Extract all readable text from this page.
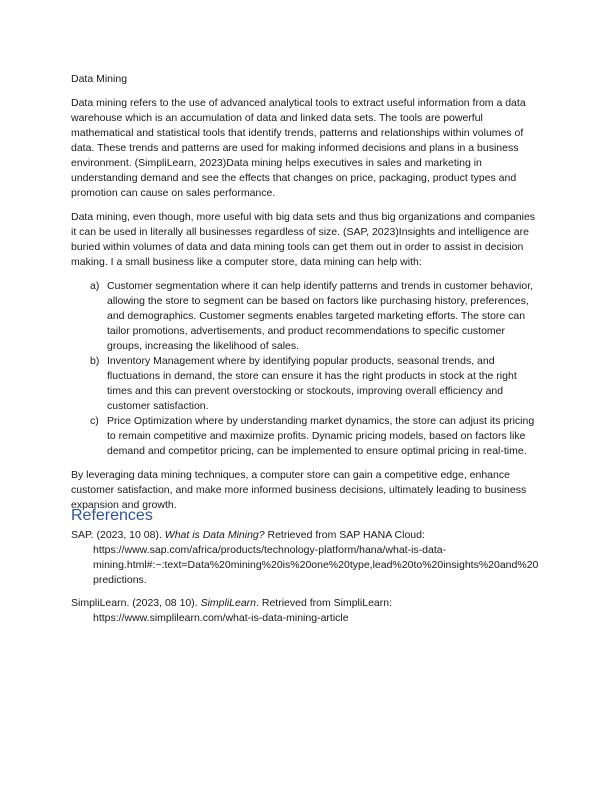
Data Mining

Data mining refers to the use of advanced analytical tools to extract useful information from a data warehouse which is an accumulation of data and linked data sets. The tools are powerful mathematical and statistical tools that identify trends, patterns and relationships within volumes of data. These trends and patterns are used for making informed decisions and plans in a business environment. (SimpliLearn, 2023)Data mining helps executives in sales and marketing in understanding demand and see the effects that changes on price, packaging, product types and promotion can cause on sales performance.

Data mining, even though, more useful with big data sets and thus big organizations and companies it can be used in literally all businesses regardless of size. (SAP, 2023)Insights and intelligence are buried within volumes of data and data mining tools can get them out in order to assist in decision making. I a small business like a computer store, data mining can help with:

a) Customer segmentation where it can help identify patterns and trends in customer behavior, allowing the store to segment can be based on factors like purchasing history, preferences, and demographics. Customer segments enables targeted marketing efforts. The store can tailor promotions, advertisements, and product recommendations to specific customer groups, increasing the likelihood of sales.
b) Inventory Management where by identifying popular products, seasonal trends, and fluctuations in demand, the store can ensure it has the right products in stock at the right times and this can prevent overstocking or stockouts, improving overall efficiency and customer satisfaction.
c) Price Optimization where by understanding market dynamics, the store can adjust its pricing to remain competitive and maximize profits. Dynamic pricing models, based on factors like demand and competitor pricing, can be implemented to ensure optimal pricing in real-time.

By leveraging data mining techniques, a computer store can gain a competitive edge, enhance customer satisfaction, and make more informed business decisions, ultimately leading to business expansion and growth.

References

SAP. (2023, 10 08). What is Data Mining? Retrieved from SAP HANA Cloud: https://www.sap.com/africa/products/technology-platform/hana/what-is-data-mining.html#:~:text=Data%20mining%20is%20one%20type,lead%20to%20insights%20and%20predictions.

SimpliLearn. (2023, 08 10). SimpliLearn. Retrieved from SimpliLearn: https://www.simplilearn.com/what-is-data-mining-article
